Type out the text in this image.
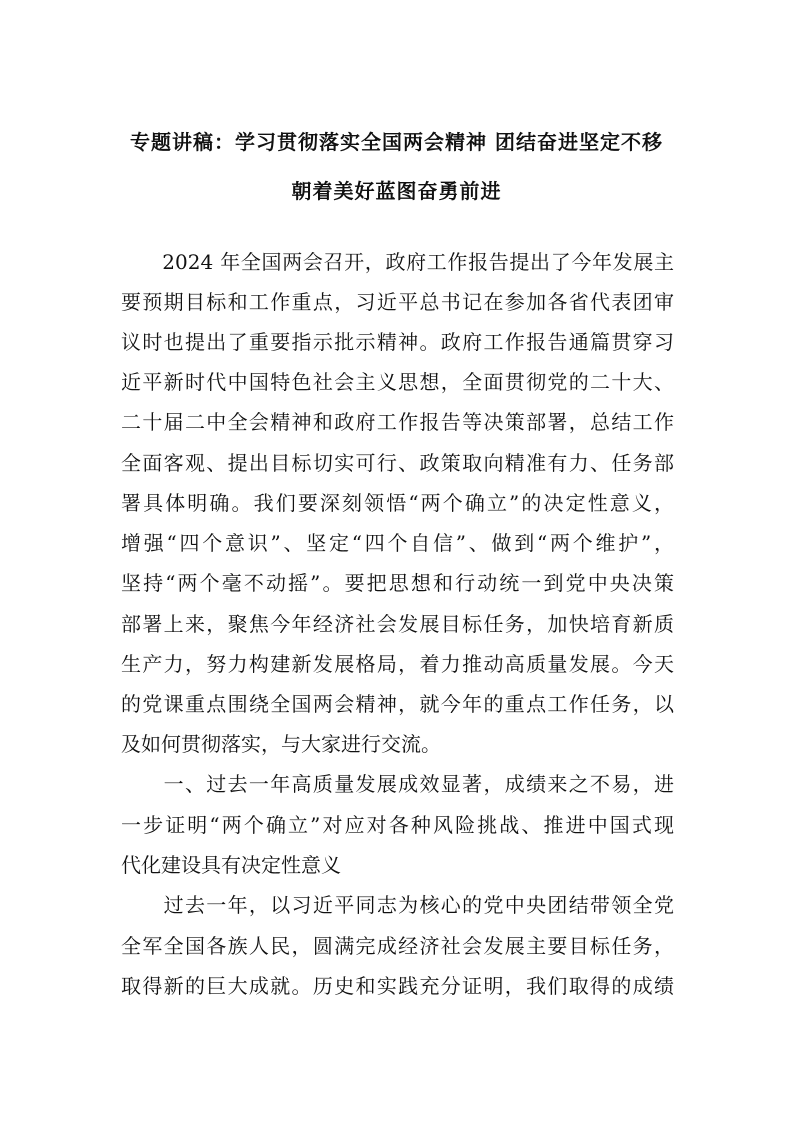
专题讲稿：学习贯彻落实全国两会精神 团结奋进坚定不移
朝着美好蓝图奋勇前进
　　2024 年全国两会召开，政府工作报告提出了今年发展主
要预期目标和工作重点，习近平总书记在参加各省代表团审
议时也提出了重要指示批示精神。政府工作报告通篇贯穿习
近平新时代中国特色社会主义思想，全面贯彻党的二十大、
二十届二中全会精神和政府工作报告等决策部署，总结工作
全面客观、提出目标切实可行、政策取向精准有力、任务部
署具体明确。我们要深刻领悟“两个确立”的决定性意义，
增强“四个意识”、坚定“四个自信”、做到“两个维护”，
坚持“两个毫不动摇”。要把思想和行动统一到党中央决策
部署上来，聚焦今年经济社会发展目标任务，加快培育新质
生产力，努力构建新发展格局，着力推动高质量发展。今天
的党课重点围绕全国两会精神，就今年的重点工作任务，以
及如何贯彻落实，与大家进行交流。
　　一、过去一年高质量发展成效显著，成绩来之不易，进
一步证明“两个确立”对应对各种风险挑战、推进中国式现
代化建设具有决定性意义
　　过去一年，以习近平同志为核心的党中央团结带领全党
全军全国各族人民，圆满完成经济社会发展主要目标任务，
取得新的巨大成就。历史和实践充分证明，我们取得的成绩
